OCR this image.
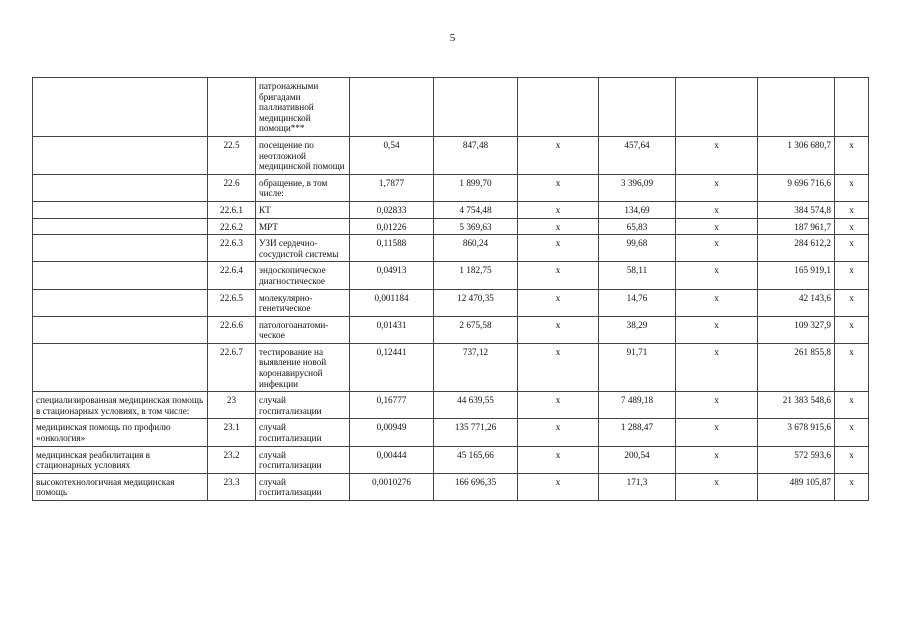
5
		патронажными бригадами паллиативной медицинской помощи***							
	22.5	посещение по неотложной медицинской помощи	0,54	847,48	х	457,64	х	1 306 680,7	х
	22.6	обращение, в том числе:	1,7877	1 899,70	х	3 396,09	х	9 696 716,6	х
	22.6.1	КТ	0,02833	4 754,48	х	134,69	х	384 574,8	х
	22.6.2	МРТ	0,01226	5 369,63	х	65,83	х	187 961,7	х
	22.6.3	УЗИ сердечно-сосудистой системы	0,11588	860,24	х	99,68	х	284 612,2	х
	22.6.4	эндоскопическое диагностическое	0,04913	1 182,75	х	58,11	х	165 919,1	х
	22.6.5	молекулярно-генетическое	0,001184	12 470,35	х	14,76	х	42 143,6	х
	22.6.6	патологоанатоми-ческое	0,01431	2 675,58	х	38,29	х	109 327,9	х
	22.6.7	тестирование на выявление новой коронавирусной инфекции	0,12441	737,12	х	91,71	х	261 855,8	х
специализированная медицинская помощь в стационарных условиях, в том числе:	23	случай госпитализации	0,16777	44 639,55	х	7 489,18	х	21 383 548,6	х
медицинская помощь по профилю «онкология»	23.1	случай госпитализации	0,00949	135 771,26	х	1 288,47	х	3 678 915,6	х
медицинская реабилитация в стационарных условиях	23.2	случай госпитализации	0,00444	45 165,66	х	200,54	х	572 593,6	х
высокотехнологичная медицинская помощь	23.3	случай госпитализации	0,0010276	166 696,35	х	171,3	х	489 105,87	х
